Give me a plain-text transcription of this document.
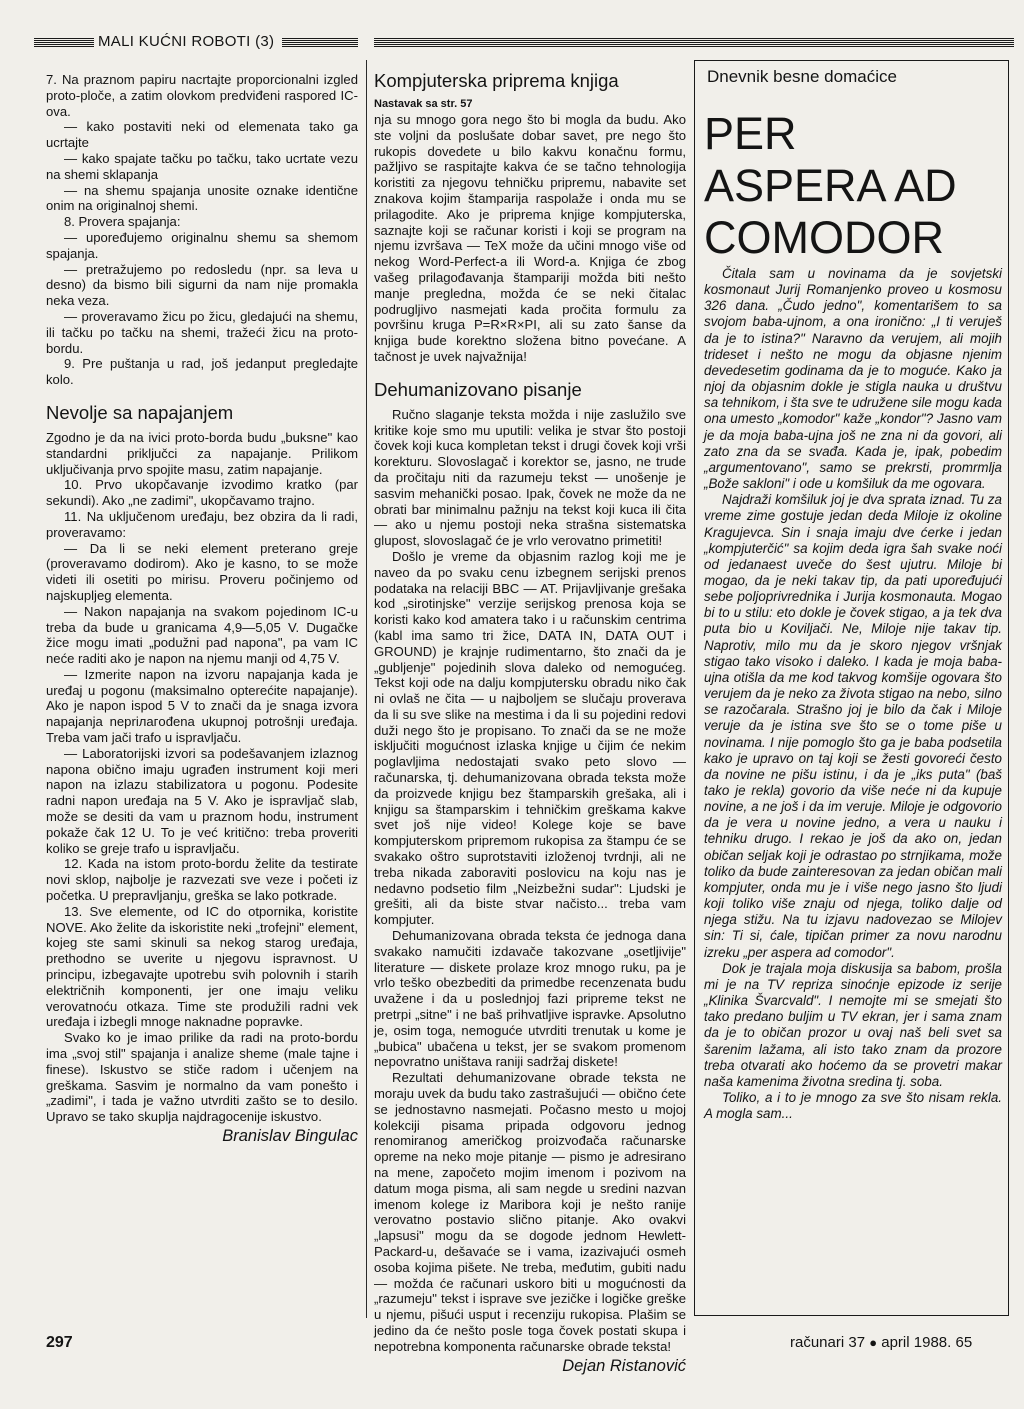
MALI KUĆNI ROBOTI (3)

7. Na praznom papiru nacrtajte proporcionalni izgled proto-ploče, a zatim olovkom predviđeni raspored IC-ova.

— kako postaviti neki od elemenata tako ga ucrtajte

— kako spajate tačku po tačku, tako ucrtate vezu na shemi sklapanja

— na shemu spajanja unosite oznake identične onim na originalnoj shemi.

8. Provera spajanja:

— upoređujemo originalnu shemu sa shemom spajanja.

— pretražujemo po redosledu (npr. sa leva u desno) da bismo bili sigurni da nam nije promakla neka veza.

— proveravamo žicu po žicu, gledajući na shemu, ili tačku po tačku na shemi, tražeći žicu na proto-bordu.

9. Pre puštanja u rad, još jedanput pregledajte kolo.

Nevolje sa napajanjem

Zgodno je da na ivici proto-borda budu „buksne" kao standardni priključci za napajanje. Prilikom uključivanja prvo spojite masu, zatim napajanje.

10. Prvo ukopčavanje izvodimo kratko (par sekundi). Ako „ne zadimi", ukopčavamo trajno.

11. Na uključenom uređaju, bez obzira da li radi, proveravamo:

— Da li se neki element preterano greje (proveravamo dodirom). Ako je kasno, to se može videti ili osetiti po mirisu. Proveru počinjemo od najskupljeg elementa.

— Nakon napajanja na svakom pojedinom IC-u treba da bude u granicama 4,9—5,05 V. Dugačke žice mogu imati „podužni pad napona", pa vam IC neće raditi ako je napon na njemu manji od 4,75 V.

— Izmerite napon na izvoru napajanja kada je uređaj u pogonu (maksimalno opterećite napajanje). Ako je napon ispod 5 V to znači da je snaga izvora napajanja nepriлагođena ukupnoj potrošnji uređaja. Treba vam jači trafo u ispravljaču.

— Laboratorijski izvori sa podešavanjem izlaznog napona obično imaju ugrađen instrument koji meri napon na izlazu stabilizatora u pogonu. Podesite radni napon uređaja na 5 V. Ako je ispravljač slab, može se desiti da vam u praznom hodu, instrument pokaže čak 12 U. To je već kritično: treba proveriti koliko se greje trafo u ispravljaču.

12. Kada na istom proto-bordu želite da testirate novi sklop, najbolje je razvezati sve veze i početi iz početka. U prepravljanju, greška se lako potkrade.

13. Sve elemente, od IC do otpornika, koristite NOVE. Ako želite da iskoristite neki „trofejni" element, kojeg ste sami skinuli sa nekog starog uređaja, prethodno se uverite u njegovu ispravnost. U principu, izbegavajte upotrebu svih polovnih i starih električnih komponenti, jer one imaju veliku verovatnoću otkaza. Time ste produžili radni vek uređaja i izbegli mnoge naknadne popravke.

Svako ko je imao prilike da radi na proto-bordu ima „svoj stil" spajanja i analize sheme (male tajne i finese). Iskustvo se stiče radom i učenjem na greškama. Sasvim je normalno da vam ponešto i „zadimi", i tada je važno utvrditi zašto se to desilo. Upravo se tako skuplja najdragocenije iskustvo.

Branislav Bingulac
Kompjuterska priprema knjiga
Nastavak sa str. 57

nja su mnogo gora nego što bi mogla da budu. Ako ste voljni da poslušate dobar savet, pre nego što rukopis dovedete u bilo kakvu konačnu formu, pažljivo se raspitajte kakva će se tačno tehnologija koristiti za njegovu tehničku pripremu, nabavite set znakova kojim štamparija raspolaže i onda mu se prilagodite. Ako je priprema knjige kompjuterska, saznajte koji se računar koristi i koji se program na njemu izvršava — TeX može da učini mnogo više od nekog Word-Perfect-a ili Word-a. Knjiga će zbog vašeg prilagođavanja štampariji možda biti nešto manje pregledna, možda će se neki čitalac podrugljivo nasmejati kada pročita formulu za površinu kruga P=R×R×PI, ali su zato šanse da knjiga bude korektno složena bitno povećane. A tačnost je uvek najvažnija!

Dehumanizovano pisanje

Ručno slaganje teksta možda i nije zaslužilo sve kritike koje smo mu uputili: velika je stvar što postoji čovek koji kuca kompletan tekst i drugi čovek koji vrši korekturu. Slovoslagač i korektor se, jasno, ne trude da pročitaju niti da razumeju tekst — unošenje je sasvim mehanički posao. Ipak, čovek ne može da ne obrati bar minimalnu pažnju na tekst koji kuca ili čita — ako u njemu postoji neka strašna sistematska glupost, slovoslagač će je vrlo verovatno primetiti!

Došlo je vreme da objasnim razlog koji me je naveo da po svaku cenu izbegnem serijski prenos podataka na relaciji BBC — AT. Prijavljivanje grešaka kod „sirotinjske" verzije serijskog prenosa koja se koristi kako kod amatera tako i u računskim centrima (kabl ima samo tri žice, DATA IN, DATA OUT i GROUND) je krajnje rudimentarno, što znači da je „gubljenje" pojedinih slova daleko od nemogućeg. Tekst koji ode na dalju kompjutersku obradu niko čak ni ovlaš ne čita — u najboljem se slučaju proverava da li su sve slike na mestima i da li su pojedini redovi duži nego što je propisano. To znači da se ne može isključiti mogućnost izlaska knjige u čijim će nekim poglavljima nedostajati svako peto slovo — računarska, tj. dehumanizovana obrada teksta može da proizvede knjigu bez štamparskih grešaka, ali i knjigu sa štamparskim i tehničkim greškama kakve svet još nije video! Kolege koje se bave kompjuterskom pripremom rukopisa za štampu će se svakako oštro suprotstaviti izloženoj tvrdnji, ali ne treba nikada zaboraviti poslovicu na koju nas je nedavno podsetio film „Neizbežni sudar": Ljudski je grešiti, ali da biste stvar načisto... treba vam kompjuter.

Dehumanizovana obrada teksta će jednoga dana svakako namučiti izdavače takozvane „osetljivije" literature — diskete prolaze kroz mnogo ruku, pa je vrlo teško obezbediti da primedbe recenzenata budu uvažene i da u poslednjoj fazi pripreme tekst ne pretrpi „sitne" i ne baš prihvatljive ispravke. Apsolutno je, osim toga, nemoguće utvrditi trenutak u kome je „bubica" ubačena u tekst, jer se svakom promenom nepovratno uništava raniji sadržaj diskete!

Rezultati dehumanizovane obrade teksta ne moraju uvek da budu tako zastrašujući — obično ćete se jednostavno nasmejati. Počasno mesto u mojoj kolekciji pisama pripada odgovoru jednog renomiranog američkog proizvođača računarske opreme na neko moje pitanje — pismo je adresirano na mene, započeto mojim imenom i pozivom na datum moga pisma, ali sam negde u sredini nazvan imenom kolege iz Maribora koji je nešto ranije verovatno postavio slično pitanje. Ako ovakvi „lapsusi" mogu da se dogode jednom Hewlett-Packard-u, dešavaće se i vama, izazivajući osmeh osoba kojima pišete. Ne treba, međutim, gubiti nadu — možda će računari uskoro biti u mogućnosti da „razumeju" tekst i isprave sve jezičke i logičke greške u njemu, pišući usput i recenziju rukopisa. Plašim se jedino da će nešto posle toga čovek postati skupa i nepotrebna komponenta računarske obrade teksta!

Dejan Ristanović
Dnevnik besne domaćice
PER
ASPERA AD
COMODOR

Čitala sam u novinama da je sovjetski kosmonaut Jurij Romanjenko proveo u kosmosu 326 dana. „Čudo jedno", komentarišem to sa svojom baba-ujnom, a ona ironično: „I ti veruješ da je to istina?" Naravno da verujem, ali mojih trideset i nešto ne mogu da objasne njenim devedesetim godinama da je to moguće. Kako ja njoj da objasnim dokle je stigla nauka u društvu sa tehnikom, i šta sve te udružene sile mogu kada ona umesto „komodor" kaže „kondor"? Jasno vam je da moja baba-ujna još ne zna ni da govori, ali zato zna da se svađa. Kada je, ipak, pobedim „argumentovano", samo se prekrsti, promrmlja „Bože sakloni" i ode u komšiluk da me ogovara.

Najdraži komšiluk joj je dva sprata iznad. Tu za vreme zime gostuje jedan deda Miloje iz okoline Kragujevca. Sin i snaja imaju dve ćerke i jedan „kompjuterčić" sa kojim deda igra šah svake noći od jedanaest uveče do šest ujutru. Miloje bi mogao, da je neki takav tip, da pati upoređujući sebe poljoprivrednika i Jurija kosmonauta. Mogao bi to u stilu: eto dokle je čovek stigao, a ja tek dva puta bio u Koviljači. Ne, Miloje nije takav tip. Naprotiv, milo mu da je skoro njegov vršnjak stigao tako visoko i daleko. I kada je moja baba-ujna otišla da me kod takvog komšije ogovara što verujem da je neko za života stigao na nebo, silno se razočarala. Strašno joj je bilo da čak i Miloje veruje da je istina sve što se o tome piše u novinama. I nije pomoglo što ga je baba podsetila kako je upravo on taj koji se žesti govoreći često da novine ne pišu istinu, i da je „iks puta" (baš tako je rekla) govorio da više neće ni da kupuje novine, a ne još i da im veruje. Miloje je odgovorio da je vera u novine jedno, a vera u nauku i tehniku drugo. I rekao je još da ako on, jedan običan seljak koji je odrastao po strnjikama, može toliko da bude zainteresovan za jedan običan mali kompjuter, onda mu je i više nego jasno što ljudi koji toliko više znaju od njega, toliko dalje od njega stižu. Na tu izjavu nadovezao se Milojev sin: Ti si, ćale, tipičan primer za novu narodnu izreku „per aspera ad comodor".

Dok je trajala moja diskusija sa babom, prošla mi je na TV repriza sinoćnje epizode iz serije „Klinika Švarcvald". I nemojte mi se smejati što tako predano buljim u TV ekran, jer i sama znam da je to običan prozor u ovaj naš beli svet sa šarenim lažama, ali isto tako znam da prozore treba otvarati ako hoćemo da se provetri makar naša kamenima životna sredina tj. soba.

Toliko, a i to je mnogo za sve što nisam rekla. A mogla sam...

297	računari 37 ● april 1988. 65
